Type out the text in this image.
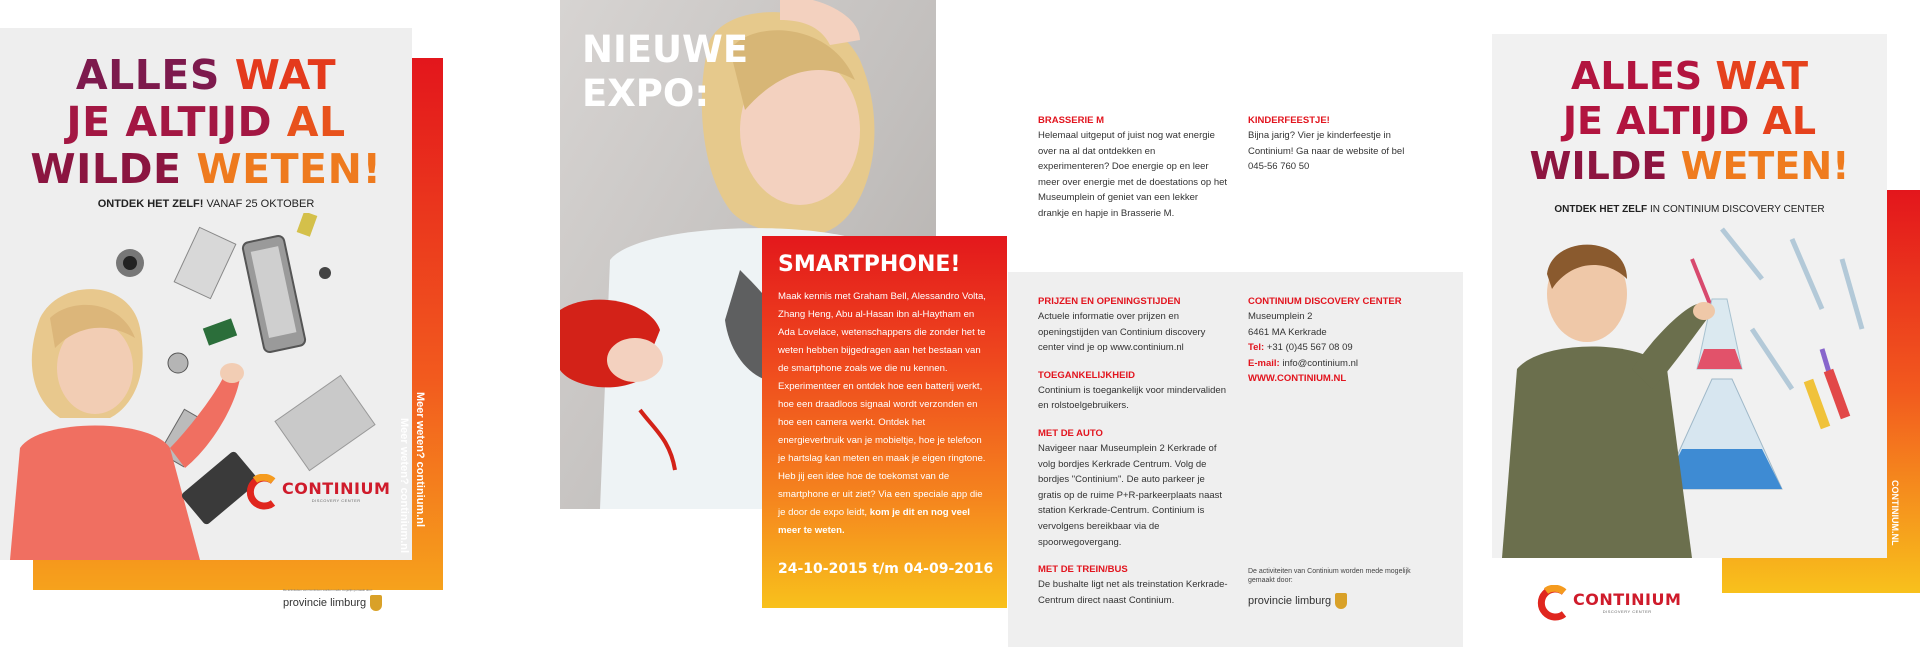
ALLES WAT
JE ALTIJD AL
WILDE WETEN!
ONTDEK HET ZELF! VANAF 25 OKTOBER
Meer weten? continium.nl Meer weten? continium.nl
CONTINIUM
DISCOVERY CENTER
De activiteiten van Continium worden mede mogelijk gemaakt door:
provincie limburg
NIEUWE
EXPO:
SMARTPHONE!
Maak kennis met Graham Bell, Alessandro Volta, Zhang Heng, Abu al-Hasan ibn al-Haytham en Ada Lovelace, wetenschappers die zonder het te weten hebben bijgedragen aan het bestaan van de smartphone zoals we die nu kennen. Experimenteer en ontdek hoe een batterij werkt, hoe een draadloos signaal wordt verzonden en hoe een camera werkt. Ontdek het energieverbruik van je mobieltje, hoe je telefoon je hartslag kan meten en maak je eigen ringtone. Heb jij een idee hoe de toekomst van de smartphone er uit ziet? Via een speciale app die je door de expo leidt, kom je dit en nog veel meer te weten.
24-10-2015 t/m 04-09-2016
BRASSERIE M
Helemaal uitgeput of juist nog wat energie over na al dat ontdekken en experimenteren? Doe energie op en leer meer over energie met de doestations op het Museumplein of geniet van een lekker drankje en hapje in Brasserie M.
KINDERFEESTJE!
Bijna jarig? Vier je kinderfeestje in Continium! Ga naar de website of bel 045-56 760 50
PRIJZEN EN OPENINGSTIJDEN
Actuele informatie over prijzen en openingstijden van Continium discovery center vind je op www.continium.nl
TOEGANKELIJKHEID
Continium is toegankelijk voor mindervaliden en rolstoelgebruikers.
MET DE AUTO
Navigeer naar Museumplein 2 Kerkrade of volg bordjes Kerkrade Centrum. Volg de bordjes "Continium". De auto parkeer je gratis op de ruime P+R-parkeerplaats naast station Kerkrade-Centrum. Continium is vervolgens bereikbaar via de spoorwegovergang.
MET DE TREIN/BUS
De bushalte ligt net als treinstation Kerkrade-Centrum direct naast Continium.
CONTINIUM DISCOVERY CENTER
Museumplein 2
6461 MA Kerkrade
Tel: +31 (0)45 567 08 09
E-mail: info@continium.nl
WWW.CONTINIUM.NL
De activiteiten van Continium worden mede mogelijk gemaakt door:
provincie limburg
ALLES WAT
JE ALTIJD AL
WILDE WETEN!
ONTDEK HET ZELF IN CONTINIUM DISCOVERY CENTER
CONTINIUM.NL
CONTINIUM
DISCOVERY CENTER
